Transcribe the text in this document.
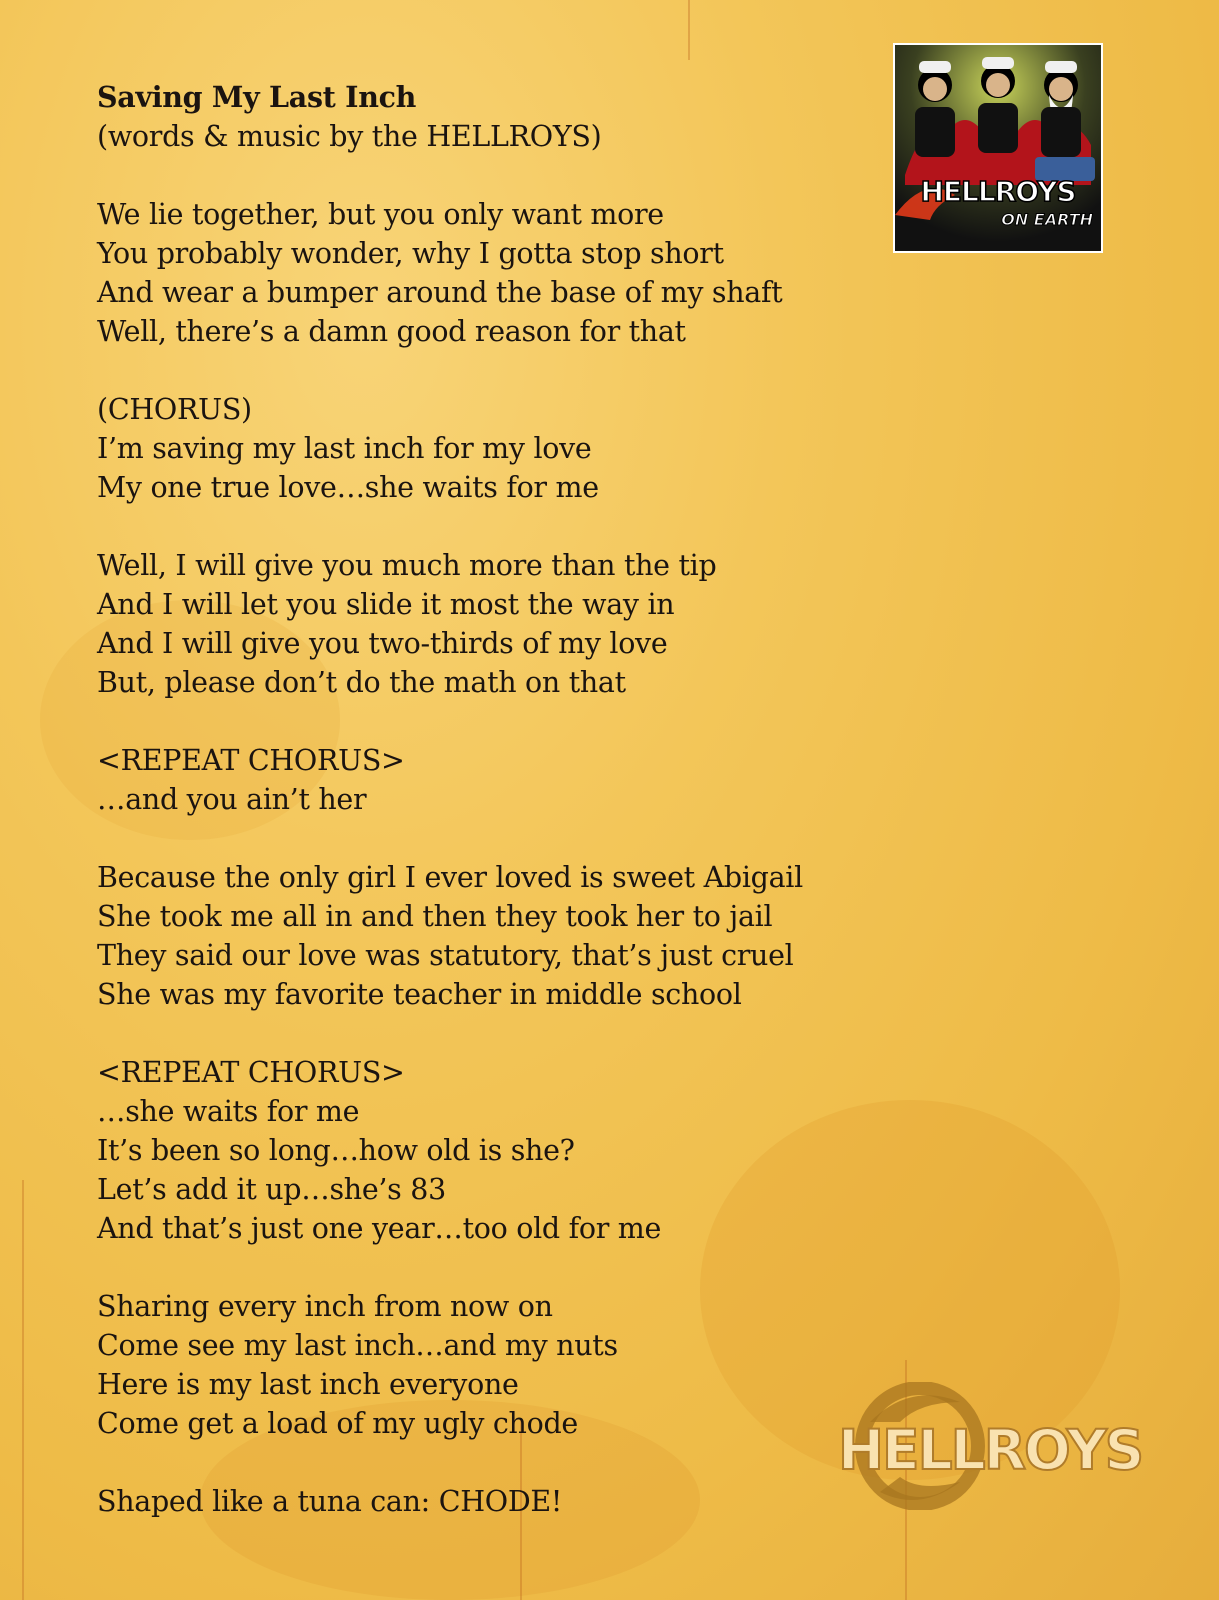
Saving My Last Inch
(words & music by the HELLROYS)
We lie together, but you only want more
You probably wonder, why I gotta stop short
And wear a bumper around the base of my shaft
Well, there’s a damn good reason for that
(CHORUS)
I’m saving my last inch for my love
My one true love…she waits for me
Well, I will give you much more than the tip
And I will let you slide it most the way in
And I will give you two-thirds of my love
But, please don’t do the math on that
<REPEAT CHORUS>
…and you ain’t her
Because the only girl I ever loved is sweet Abigail
She took me all in and then they took her to jail
They said our love was statutory, that’s just cruel
She was my favorite teacher in middle school
<REPEAT CHORUS>
…she waits for me
It’s been so long…how old is she?
Let’s add it up…she’s 83
And that’s just one year…too old for me
Sharing every inch from now on
Come see my last inch…and my nuts
Here is my last inch everyone
Come get a load of my ugly chode
Shaped like a tuna can: CHODE!
HELLROYS
ON EARTH
HELLROYS
